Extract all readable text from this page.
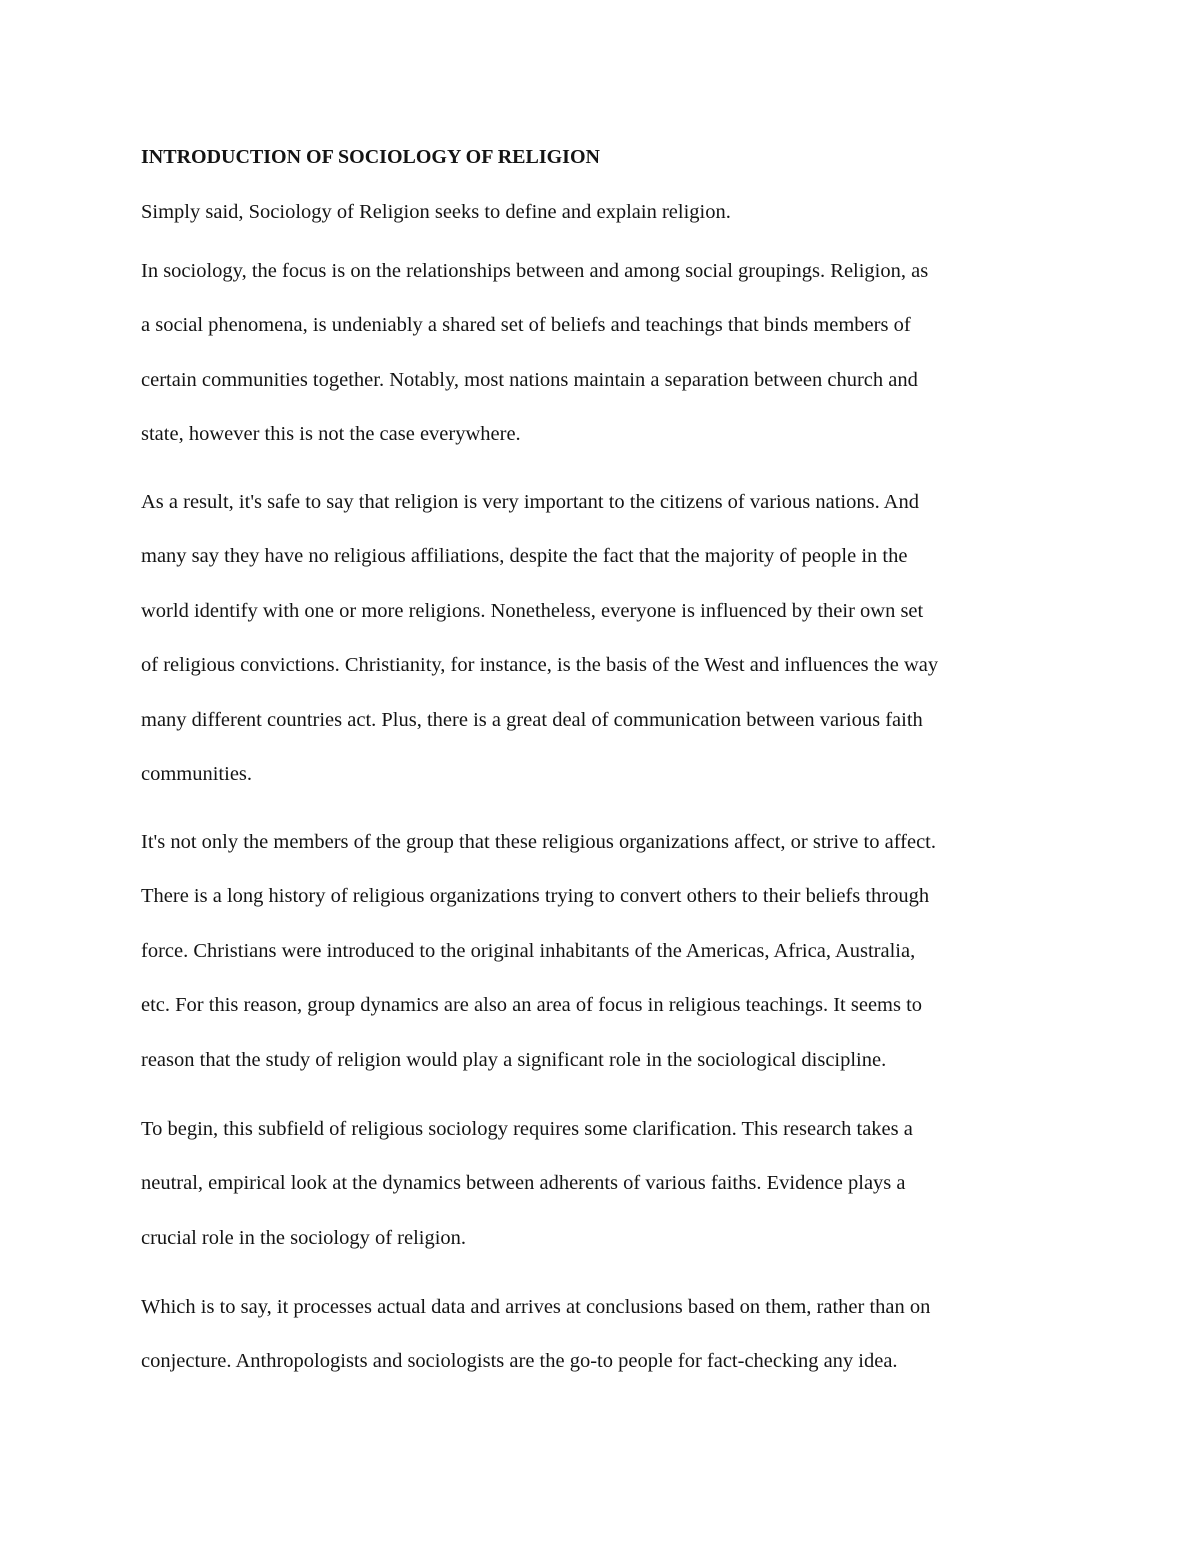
INTRODUCTION OF SOCIOLOGY OF RELIGION
Simply said, Sociology of Religion seeks to define and explain religion.
In sociology, the focus is on the relationships between and among social groupings. Religion, as
a social phenomena, is undeniably a shared set of beliefs and teachings that binds members of
certain communities together. Notably, most nations maintain a separation between church and
state, however this is not the case everywhere.
As a result, it's safe to say that religion is very important to the citizens of various nations. And
many say they have no religious affiliations, despite the fact that the majority of people in the
world identify with one or more religions. Nonetheless, everyone is influenced by their own set
of religious convictions. Christianity, for instance, is the basis of the West and influences the way
many different countries act. Plus, there is a great deal of communication between various faith
communities.
It's not only the members of the group that these religious organizations affect, or strive to affect.
There is a long history of religious organizations trying to convert others to their beliefs through
force. Christians were introduced to the original inhabitants of the Americas, Africa, Australia,
etc. For this reason, group dynamics are also an area of focus in religious teachings. It seems to
reason that the study of religion would play a significant role in the sociological discipline.
To begin, this subfield of religious sociology requires some clarification. This research takes a
neutral, empirical look at the dynamics between adherents of various faiths. Evidence plays a
crucial role in the sociology of religion.
Which is to say, it processes actual data and arrives at conclusions based on them, rather than on
conjecture. Anthropologists and sociologists are the go-to people for fact-checking any idea.
